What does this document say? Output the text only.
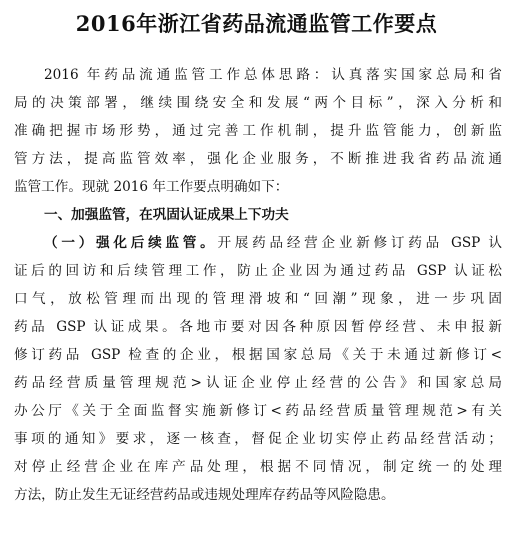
2016年浙江省药品流通监管工作要点
2016 年药品流通监管工作总体思路：认真落实国家总局和省
局的决策部署，继续围绕安全和发展“两个目标”，深入分析和
准确把握市场形势，通过完善工作机制，提升监管能力，创新监
管方法，提高监管效率，强化企业服务，不断推进我省药品流通
监管工作。现就 2016 年工作要点明确如下：
一、加强监管，在巩固认证成果上下功夫
（一）强化后续监管。开展药品经营企业新修订药品 GSP 认
证后的回访和后续管理工作，防止企业因为通过药品 GSP 认证松
口气，放松管理而出现的管理滑坡和“回潮”现象，进一步巩固
药品 GSP 认证成果。各地市要对因各种原因暂停经营、未申报新
修订药品 GSP 检查的企业，根据国家总局《关于未通过新修订<
药品经营质量管理规范>认证企业停止经营的公告》和国家总局
办公厅《关于全面监督实施新修订<药品经营质量管理规范>有关
事项的通知》要求，逐一核查，督促企业切实停止药品经营活动；
对停止经营企业在库产品处理，根据不同情况，制定统一的处理
方法，防止发生无证经营药品或违规处理库存药品等风险隐患。
